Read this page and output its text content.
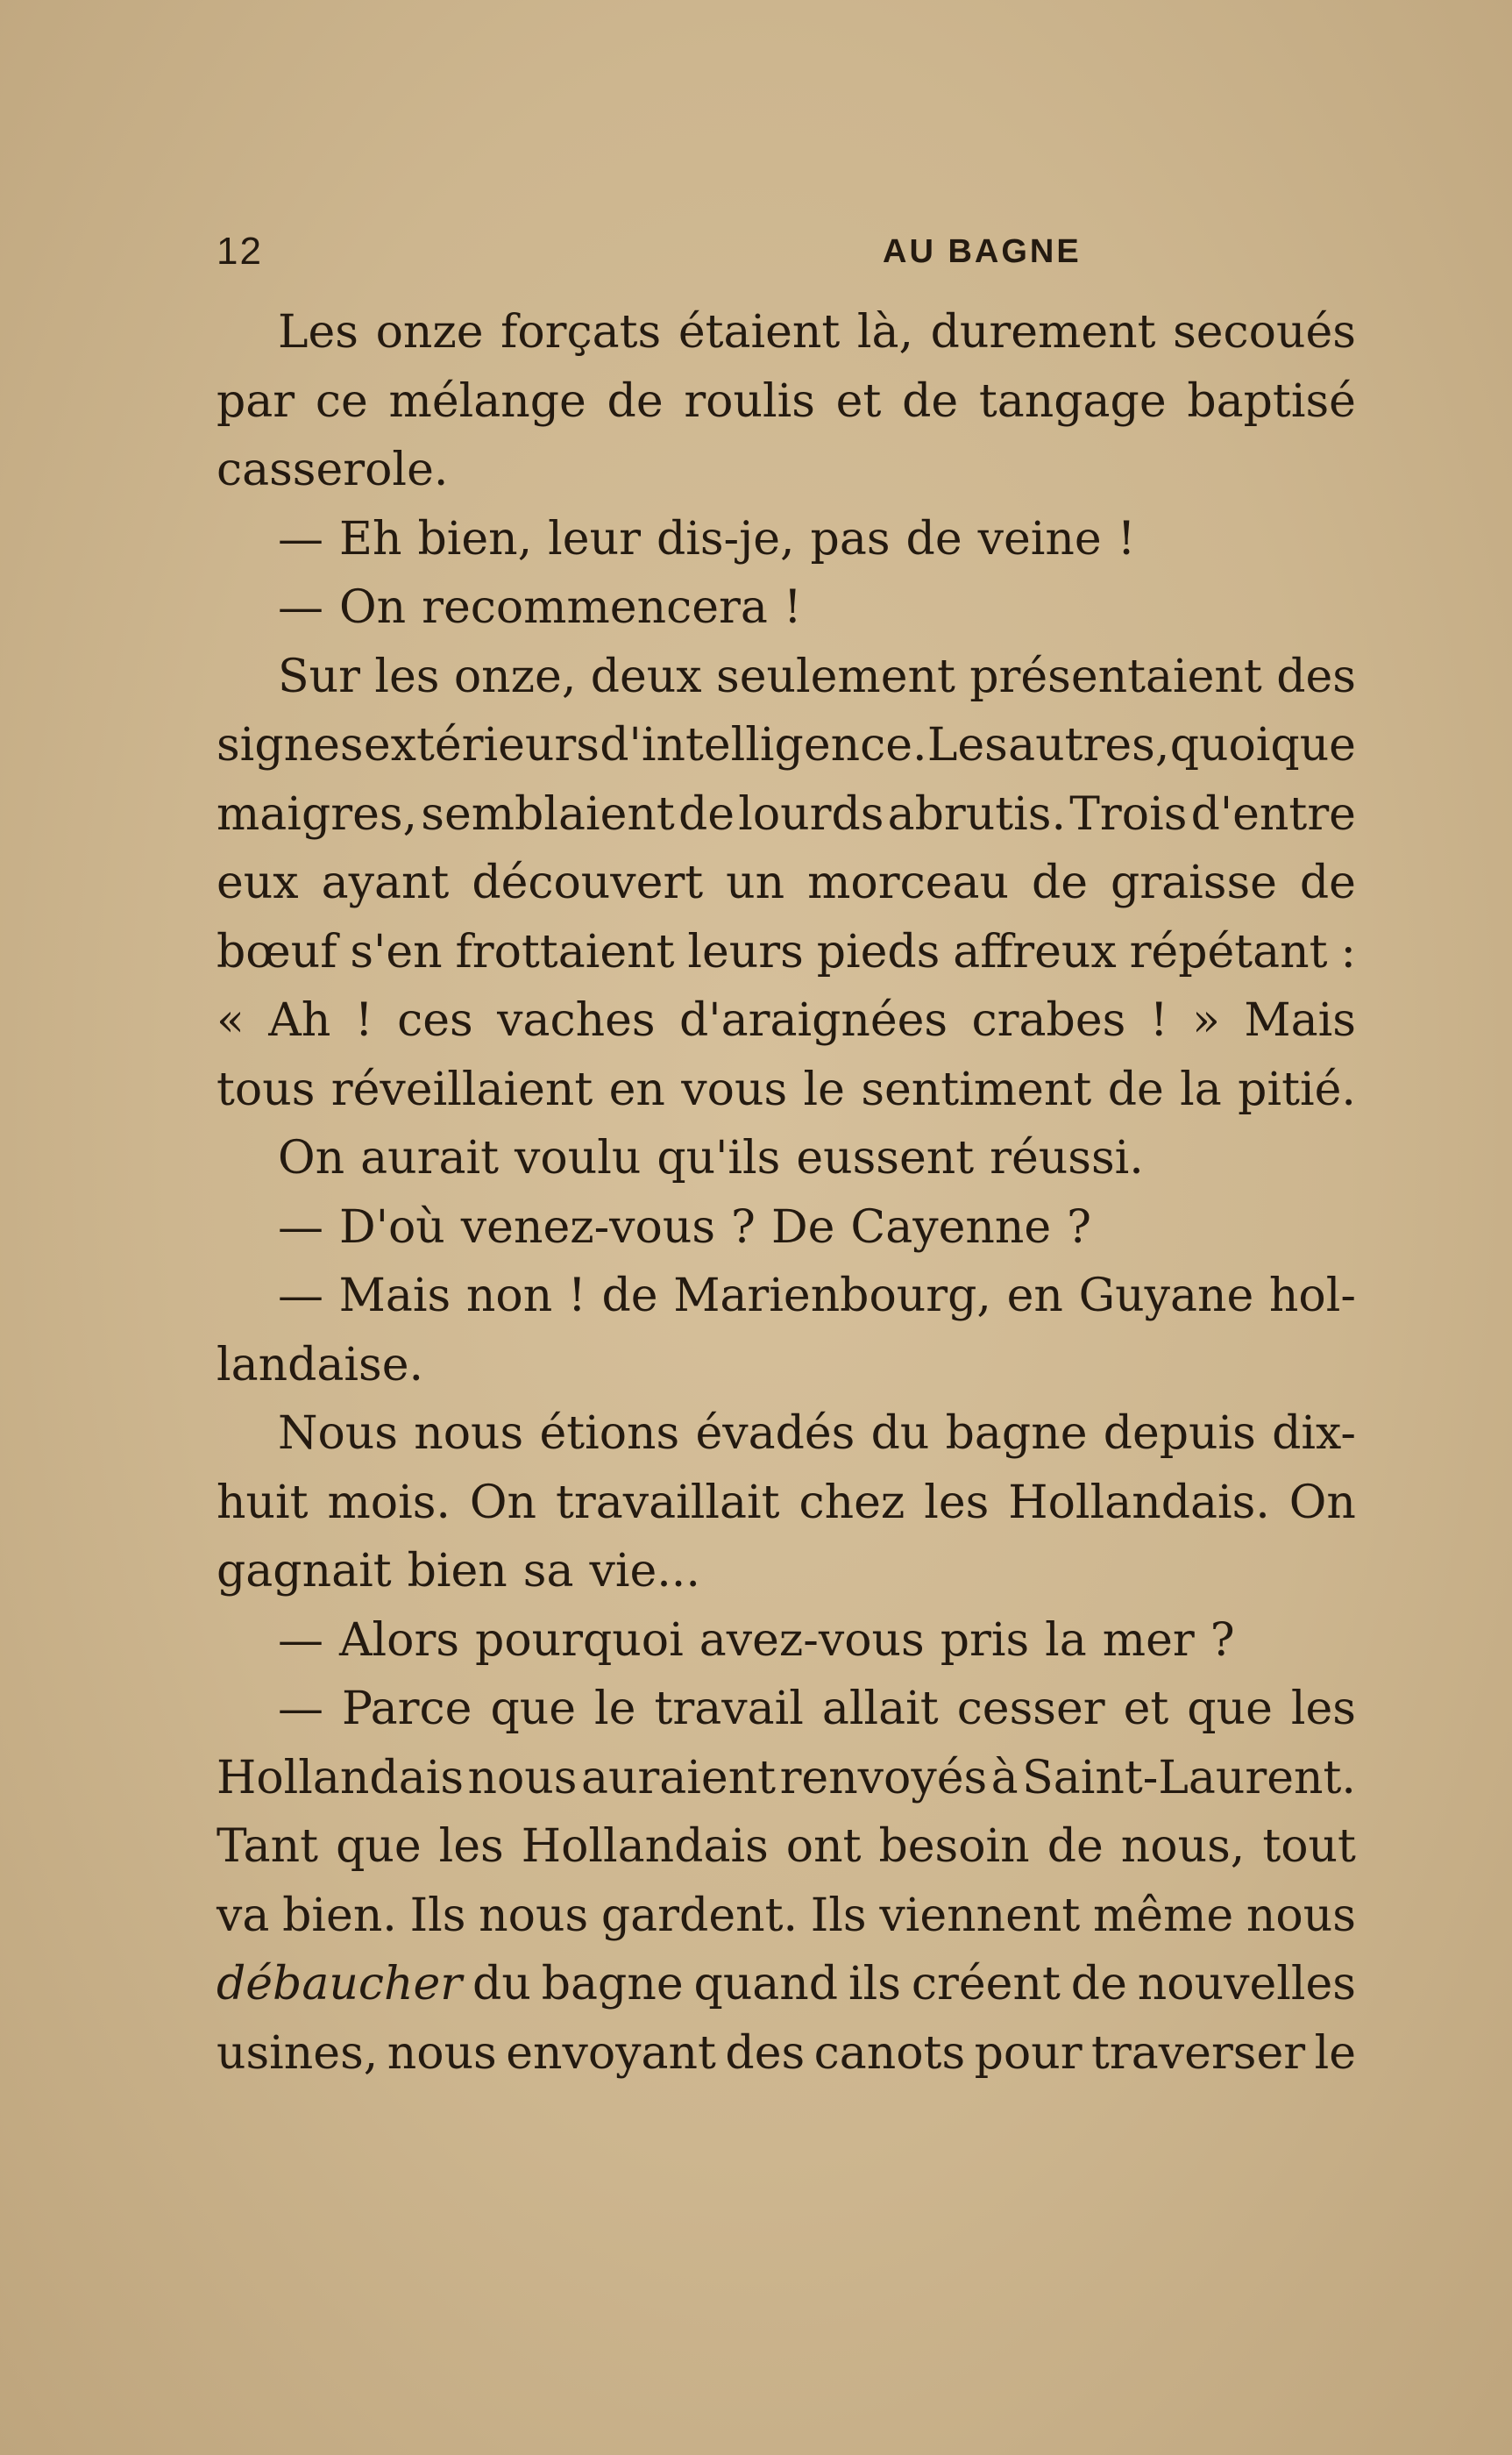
12	AU BAGNE
Les onze forçats étaient là, durement secoués
par ce mélange de roulis et de tangage baptisé
casserole.
— Eh bien, leur dis-je, pas de veine !
— On recommencera !
Sur les onze, deux seulement présentaient des
signes extérieurs d'intelligence. Les autres, quoique
maigres, semblaient de lourds abrutis. Trois d'entre
eux ayant découvert un morceau de graisse de
bœuf s'en frottaient leurs pieds affreux répétant :
« Ah ! ces vaches d'araignées crabes ! » Mais
tous réveillaient en vous le sentiment de la pitié.
On aurait voulu qu'ils eussent réussi.
— D'où venez-vous ? De Cayenne ?
— Mais non ! de Marienbourg, en Guyane hol-
landaise.
Nous nous étions évadés du bagne depuis dix-
huit mois. On travaillait chez les Hollandais. On
gagnait bien sa vie...
— Alors pourquoi avez-vous pris la mer ?
— Parce que le travail allait cesser et que les
Hollandais nous auraient renvoyés à Saint-Laurent.
Tant que les Hollandais ont besoin de nous, tout
va bien. Ils nous gardent. Ils viennent même nous
débaucher du bagne quand ils créent de nouvelles
usines, nous envoyant des canots pour traverser le
